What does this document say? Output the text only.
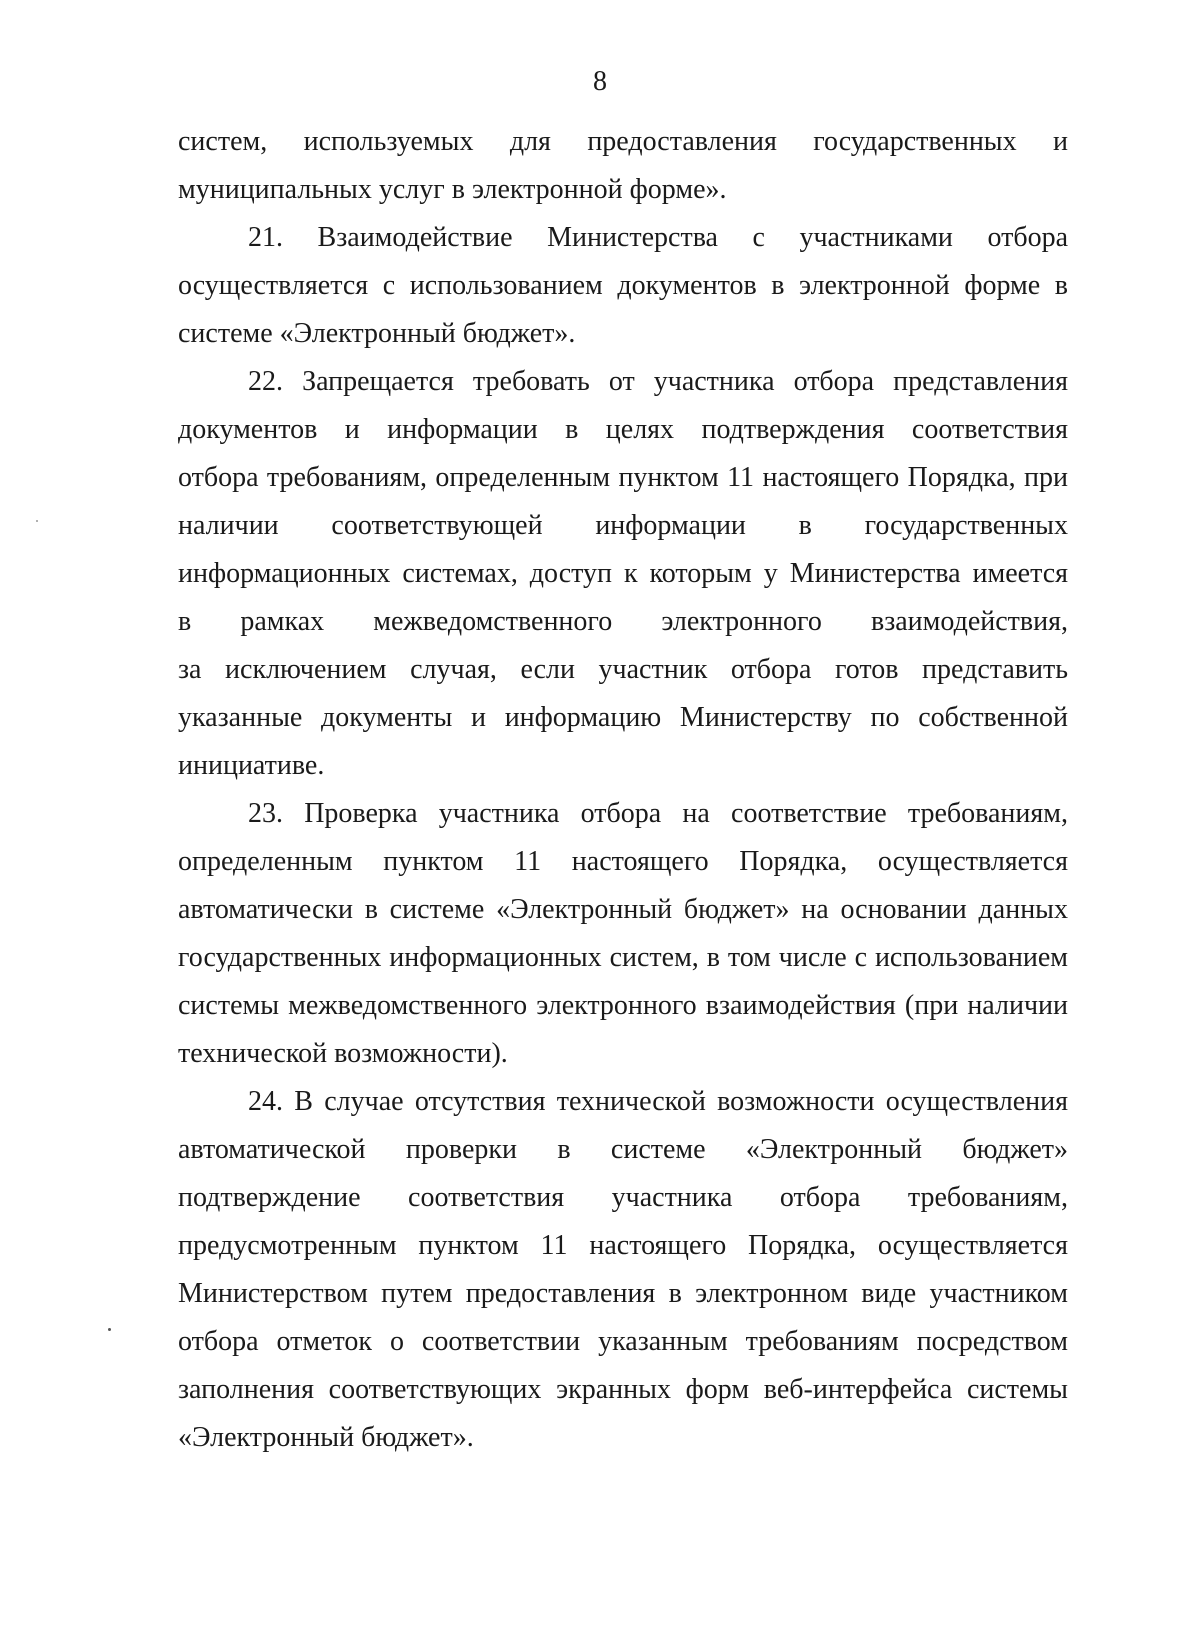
8
систем, используемых для предоставления государственных и
муниципальных услуг в электронной форме».
21. Взаимодействие Министерства с участниками отбора
осуществляется с использованием документов в электронной форме в
системе «Электронный бюджет».
22. Запрещается требовать от участника отбора представления
документов и информации в целях подтверждения соответствия
отбора требованиям, определенным пунктом 11 настоящего Порядка, при
наличии соответствующей информации в государственных
информационных системах, доступ к которым у Министерства имеется
в рамках межведомственного электронного взаимодействия,
за исключением случая, если участник отбора готов представить
указанные документы и информацию Министерству по собственной
инициативе.
23. Проверка участника отбора на соответствие требованиям,
определенным пунктом 11 настоящего Порядка, осуществляется
автоматически в системе «Электронный бюджет» на основании данных
государственных информационных систем, в том числе с использованием
системы межведомственного электронного взаимодействия (при наличии
технической возможности).
24. В случае отсутствия технической возможности осуществления
автоматической проверки в системе «Электронный бюджет»
подтверждение соответствия участника отбора требованиям,
предусмотренным пунктом 11 настоящего Порядка, осуществляется
Министерством путем предоставления в электронном виде участником
отбора отметок о соответствии указанным требованиям посредством
заполнения соответствующих экранных форм веб-интерфейса системы
«Электронный бюджет».
